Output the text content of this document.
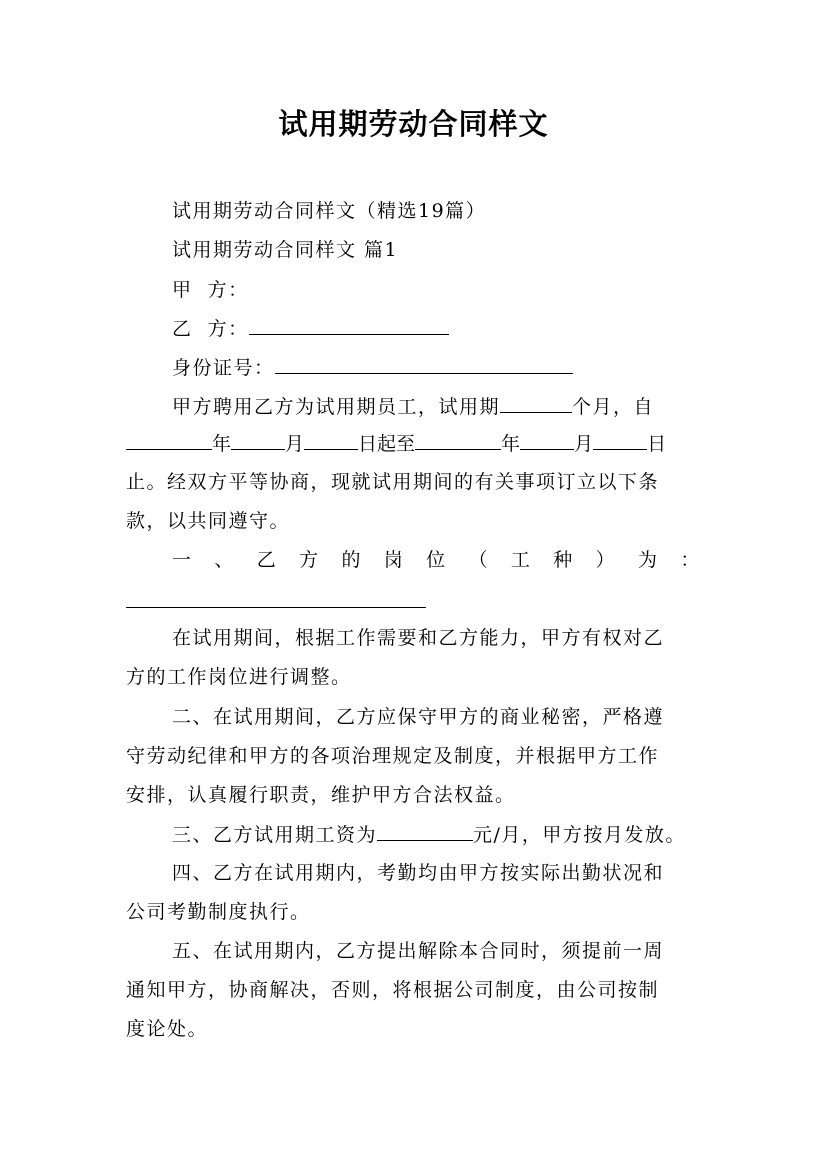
试用期劳动合同样文
试用期劳动合同样文（精选19篇）
试用期劳动合同样文 篇1
甲  方：
乙  方：
身份证号：
甲方聘用乙方为试用期员工，试用期	个月，自
年	月	日起至	年	月	日
止。经双方平等协商，现就试用期间的有关事项订立以下条
款，以共同遵守。
一 、 乙 方 的 岗 位 （ 工 种 ） 为 ：
在试用期间，根据工作需要和乙方能力，甲方有权对乙
方的工作岗位进行调整。
二、在试用期间，乙方应保守甲方的商业秘密，严格遵
守劳动纪律和甲方的各项治理规定及制度，并根据甲方工作
安排，认真履行职责，维护甲方合法权益。
三、乙方试用期工资为	元/月，甲方按月发放。
四、乙方在试用期内，考勤均由甲方按实际出勤状况和
公司考勤制度执行。
五、在试用期内，乙方提出解除本合同时，须提前一周
通知甲方，协商解决，否则，将根据公司制度，由公司按制
度论处。
